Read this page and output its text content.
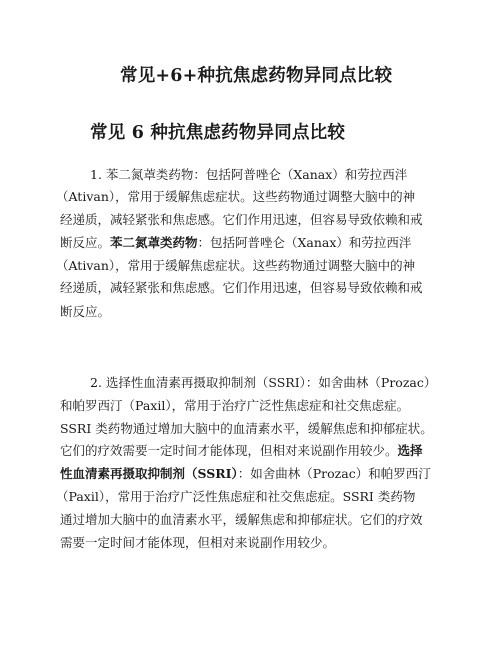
常见+6+种抗焦虑药物异同点比较
常见 6 种抗焦虑药物异同点比较
1. 苯二氮䓬类药物：包括阿普唑仑（Xanax）和劳拉西泮
（Ativan），常用于缓解焦虑症状。这些药物通过调整大脑中的神
经递质，减轻紧张和焦虑感。它们作用迅速，但容易导致依赖和戒
断反应。苯二氮䓬类药物：包括阿普唑仑（Xanax）和劳拉西泮
（Ativan），常用于缓解焦虑症状。这些药物通过调整大脑中的神
经递质，减轻紧张和焦虑感。它们作用迅速，但容易导致依赖和戒
断反应。
2. 选择性血清素再摄取抑制剂（SSRI）：如舍曲林（Prozac）
和帕罗西汀（Paxil），常用于治疗广泛性焦虑症和社交焦虑症。
SSRI 类药物通过增加大脑中的血清素水平，缓解焦虑和抑郁症状。
它们的疗效需要一定时间才能体现，但相对来说副作用较少。选择
性血清素再摄取抑制剂（SSRI）：如舍曲林（Prozac）和帕罗西汀
（Paxil），常用于治疗广泛性焦虑症和社交焦虑症。SSRI 类药物
通过增加大脑中的血清素水平，缓解焦虑和抑郁症状。它们的疗效
需要一定时间才能体现，但相对来说副作用较少。
